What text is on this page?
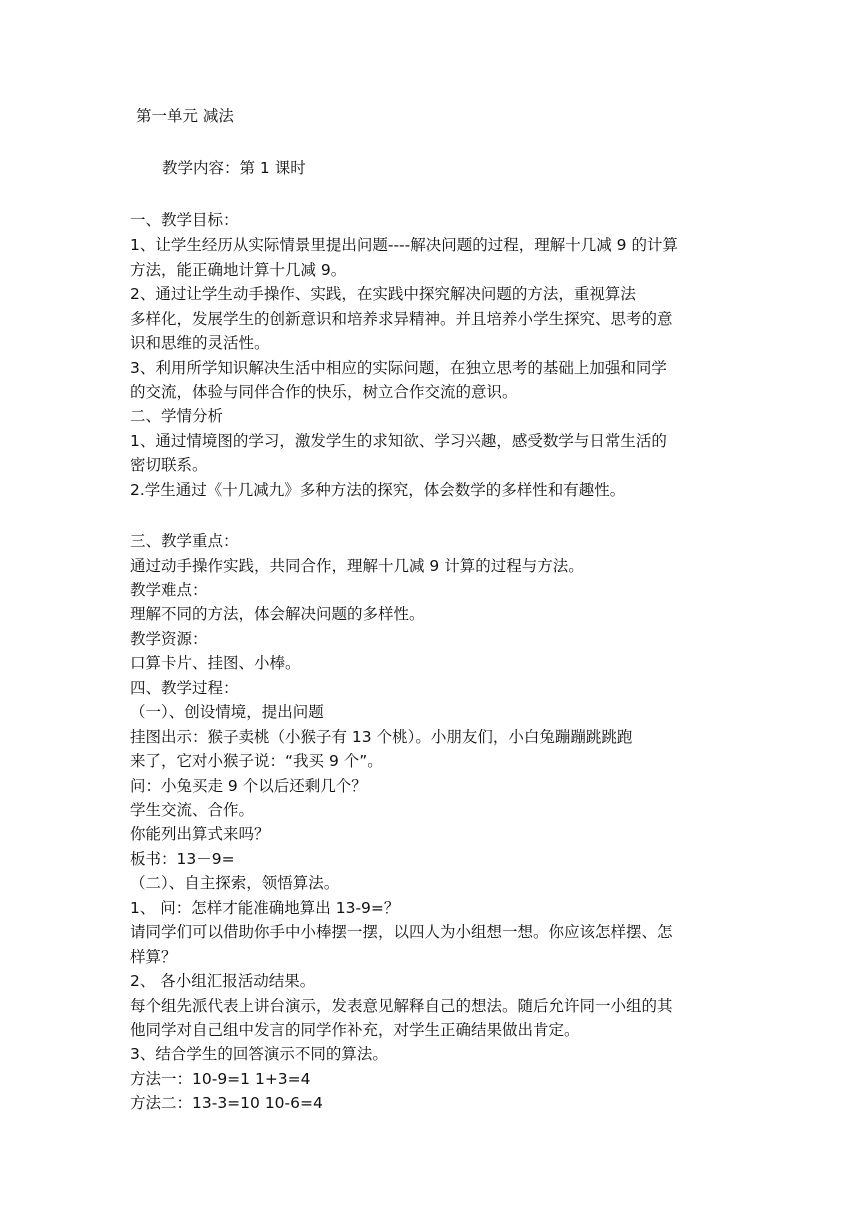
第一单元 减法
教学内容：第 1 课时
一、教学目标：
1、让学生经历从实际情景里提出问题----解决问题的过程，理解十几减 9 的计算
方法，能正确地计算十几减 9。
2、通过让学生动手操作、实践，在实践中探究解决问题的方法，重视算法
多样化，发展学生的创新意识和培养求异精神。并且培养小学生探究、思考的意
识和思维的灵活性。
3、利用所学知识解决生活中相应的实际问题，在独立思考的基础上加强和同学
的交流，体验与同伴合作的快乐，树立合作交流的意识。
二、学情分析
1、通过情境图的学习，激发学生的求知欲、学习兴趣，感受数学与日常生活的
密切联系。
2.学生通过《十几减九》多种方法的探究，体会数学的多样性和有趣性。
三、教学重点：
通过动手操作实践，共同合作，理解十几减 9 计算的过程与方法。
教学难点：
理解不同的方法，体会解决问题的多样性。
教学资源：
口算卡片、挂图、小棒。
四、教学过程：
（一）、创设情境，提出问题
挂图出示：猴子卖桃（小猴子有 13 个桃）。小朋友们，小白兔蹦蹦跳跳跑
来了，它对小猴子说：“我买 9 个”。
问：小兔买走 9 个以后还剩几个？
学生交流、合作。
你能列出算式来吗？
板书：13－9=
（二）、自主探索，领悟算法。
1、 问：怎样才能准确地算出 13-9=？
请同学们可以借助你手中小棒摆一摆，以四人为小组想一想。你应该怎样摆、怎
样算？
2、 各小组汇报活动结果。
每个组先派代表上讲台演示，发表意见解释自己的想法。随后允许同一小组的其
他同学对自己组中发言的同学作补充，对学生正确结果做出肯定。
3、结合学生的回答演示不同的算法。
方法一：10-9=1 1+3=4
方法二：13-3=10 10-6=4
